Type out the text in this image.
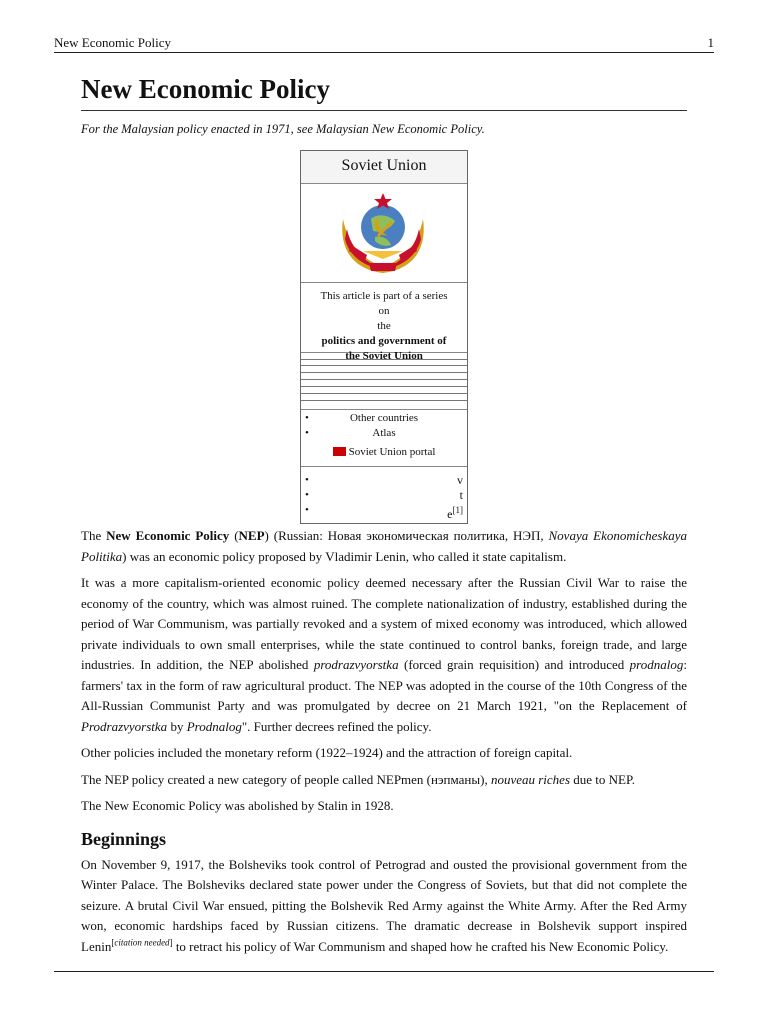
New Economic Policy	1
New Economic Policy
For the Malaysian policy enacted in 1971, see Malaysian New Economic Policy.
Soviet Union
This article is part of a series on
the
politics and government of
the Soviet Union
•	Other countries
•	Atlas
Soviet Union portal
•	v
•	t
•	e[1]

The New Economic Policy (NEP) (Russian: Новая экономическая политика, НЭП, Novaya Ekonomicheskaya Politika) was an economic policy proposed by Vladimir Lenin, who called it state capitalism.

It was a more capitalism-oriented economic policy deemed necessary after the Russian Civil War to raise the economy of the country, which was almost ruined. The complete nationalization of industry, established during the period of War Communism, was partially revoked and a system of mixed economy was introduced, which allowed private individuals to own small enterprises, while the state continued to control banks, foreign trade, and large industries. In addition, the NEP abolished prodrazvyorstka (forced grain requisition) and introduced prodnalog: farmers' tax in the form of raw agricultural product. The NEP was adopted in the course of the 10th Congress of the All-Russian Communist Party and was promulgated by decree on 21 March 1921, "on the Replacement of Prodrazvyorstka by Prodnalog". Further decrees refined the policy.

Other policies included the monetary reform (1922–1924) and the attraction of foreign capital.

The NEP policy created a new category of people called NEPmen (нэпманы), nouveau riches due to NEP.

The New Economic Policy was abolished by Stalin in 1928.

Beginnings

On November 9, 1917, the Bolsheviks took control of Petrograd and ousted the provisional government from the Winter Palace. The Bolsheviks declared state power under the Congress of Soviets, but that did not complete the seizure. A brutal Civil War ensued, pitting the Bolshevik Red Army against the White Army. After the Red Army won, economic hardships faced by Russian citizens. The dramatic decrease in Bolshevik support inspired Lenin[citation needed] to retract his policy of War Communism and shaped how he crafted his New Economic Policy.
